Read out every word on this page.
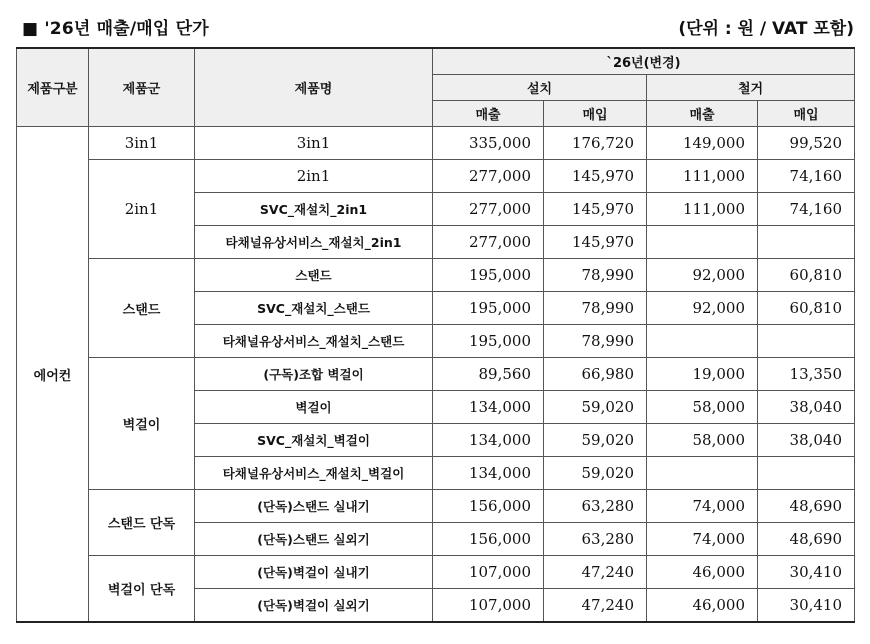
■ '26년 매출/매입 단가	(단위 : 원 / VAT 포함)
제품구분	제품군	제품명	`26년(변경)			
			설치		철거	
			매출	매입	매출	매입
에어컨	3in1	3in1	335,000	176,720	149,000	99,520
	2in1	2in1	277,000	145,970	111,000	74,160
		SVC_재설치_2in1	277,000	145,970	111,000	74,160
		타채널유상서비스_재설치_2in1	277,000	145,970		
	스탠드	스탠드	195,000	78,990	92,000	60,810
		SVC_재설치_스탠드	195,000	78,990	92,000	60,810
		타채널유상서비스_재설치_스탠드	195,000	78,990		
	벽걸이	(구독)조합 벽걸이	89,560	66,980	19,000	13,350
		벽걸이	134,000	59,020	58,000	38,040
		SVC_재설치_벽걸이	134,000	59,020	58,000	38,040
		타채널유상서비스_재설치_벽걸이	134,000	59,020		
	스탠드 단독	(단독)스탠드 실내기	156,000	63,280	74,000	48,690
		(단독)스탠드 실외기	156,000	63,280	74,000	48,690
	벽걸이 단독	(단독)벽걸이 실내기	107,000	47,240	46,000	30,410
		(단독)벽걸이 실외기	107,000	47,240	46,000	30,410
